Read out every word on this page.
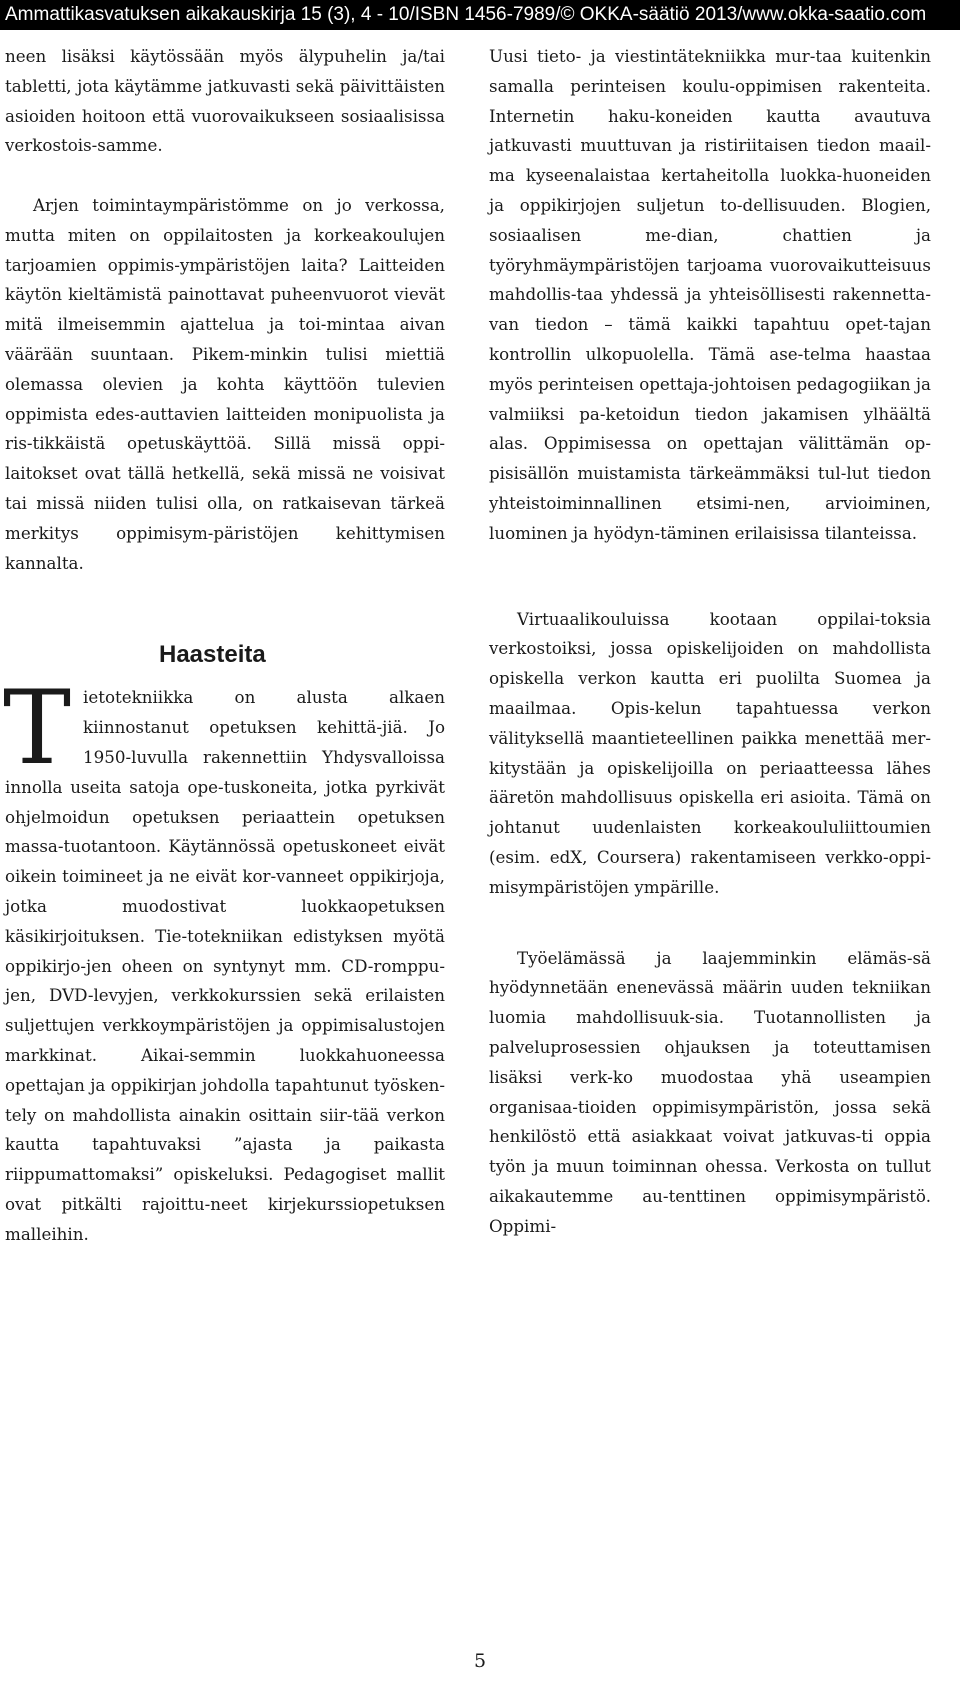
Ammattikasvatuksen aikakauskirja 15 (3), 4 - 10/ISBN 1456-7989/© OKKA-säätiö 2013/www.okka-saatio.com

neen lisäksi käytössään myös älypuhelin ja/tai tabletti, jota käytämme jatkuvasti sekä päivittäisten asioiden hoitoon että vuorovaikukseen sosiaalisissa verkostois-samme.

Arjen toimintaympäristömme on jo verkossa, mutta miten on oppilaitosten ja korkeakoulujen tarjoamien oppimis-ympäristöjen laita? Laitteiden käytön kieltämistä painottavat puheenvuorot vievät mitä ilmeisemmin ajattelua ja toi-mintaa aivan väärään suuntaan. Pikem-minkin tulisi miettiä olemassa olevien ja kohta käyttöön tulevien oppimista edes-auttavien laitteiden monipuolista ja ris-tikkäistä opetuskäyttöä. Sillä missä oppi-laitokset ovat tällä hetkellä, sekä missä ne voisivat tai missä niiden tulisi olla, on ratkaisevan tärkeä merkitys oppimisym-päristöjen kehittymisen kannalta.

Haasteita
T ietotekniikka on alusta alkaen kiinnostanut opetuksen kehittä-jiä. Jo 1950-luvulla rakennettiin Yhdysvalloissa innolla useita satoja ope-tuskoneita, jotka pyrkivät ohjelmoidun opetuksen periaattein opetuksen massa-tuotantoon. Käytännössä opetuskoneet eivät oikein toimineet ja ne eivät kor-vanneet oppikirjoja, jotka muodostivat luokkaopetuksen käsikirjoituksen. Tie-totekniikan edistyksen myötä oppikirjo-jen oheen on syntynyt mm. CD-romppu-jen, DVD-levyjen, verkkokurssien sekä erilaisten suljettujen verkkoympäristöjen ja oppimisalustojen markkinat. Aikai-semmin luokkahuoneessa opettajan ja oppikirjan johdolla tapahtunut työsken-tely on mahdollista ainakin osittain siir-tää verkon kautta tapahtuvaksi ”ajasta ja paikasta riippumattomaksi” opiskeluksi. Pedagogiset mallit ovat pitkälti rajoittu-neet kirjekurssiopetuksen malleihin.

Uusi tieto- ja viestintätekniikka mur-taa kuitenkin samalla perinteisen koulu-oppimisen rakenteita. Internetin haku-koneiden kautta avautuva jatkuvasti muuttuvan ja ristiriitaisen tiedon maail-ma kyseenalaistaa kertaheitolla luokka-huoneiden ja oppikirjojen suljetun to-dellisuuden. Blogien, sosiaalisen me-dian, chattien ja työryhmäympäristöjen tarjoama vuorovaikutteisuus mahdollis-taa yhdessä ja yhteisöllisesti rakennetta-van tiedon – tämä kaikki tapahtuu opet-tajan kontrollin ulkopuolella. Tämä ase-telma haastaa myös perinteisen opettaja-johtoisen pedagogiikan ja valmiiksi pa-ketoidun tiedon jakamisen ylhäältä alas. Oppimisessa on opettajan välittämän op-pisisällön muistamista tärkeämmäksi tul-lut tiedon yhteistoiminnallinen etsimi-nen, arvioiminen, luominen ja hyödyn-täminen erilaisissa tilanteissa.

Virtuaalikouluissa kootaan oppilai-toksia verkostoiksi, jossa opiskelijoiden on mahdollista opiskella verkon kautta eri puolilta Suomea ja maailmaa. Opis-kelun tapahtuessa verkon välityksellä maantieteellinen paikka menettää mer-kitystään ja opiskelijoilla on periaatteessa lähes ääretön mahdollisuus opiskella eri asioita. Tämä on johtanut uudenlaisten korkeakoululiittoumien (esim. edX, Coursera) rakentamiseen verkko-oppi-misympäristöjen ympärille.

Työelämässä ja laajemminkin elämäs-sä hyödynnetään enenevässä määrin uuden tekniikan luomia mahdollisuuk-sia. Tuotannollisten ja palveluprosessien ohjauksen ja toteuttamisen lisäksi verk-ko muodostaa yhä useampien organisaa-tioiden oppimisympäristön, jossa sekä henkilöstö että asiakkaat voivat jatkuvas-ti oppia työn ja muun toiminnan ohessa. Verkosta on tullut aikakautemme au-tenttinen oppimisympäristö. Oppimi-

5
